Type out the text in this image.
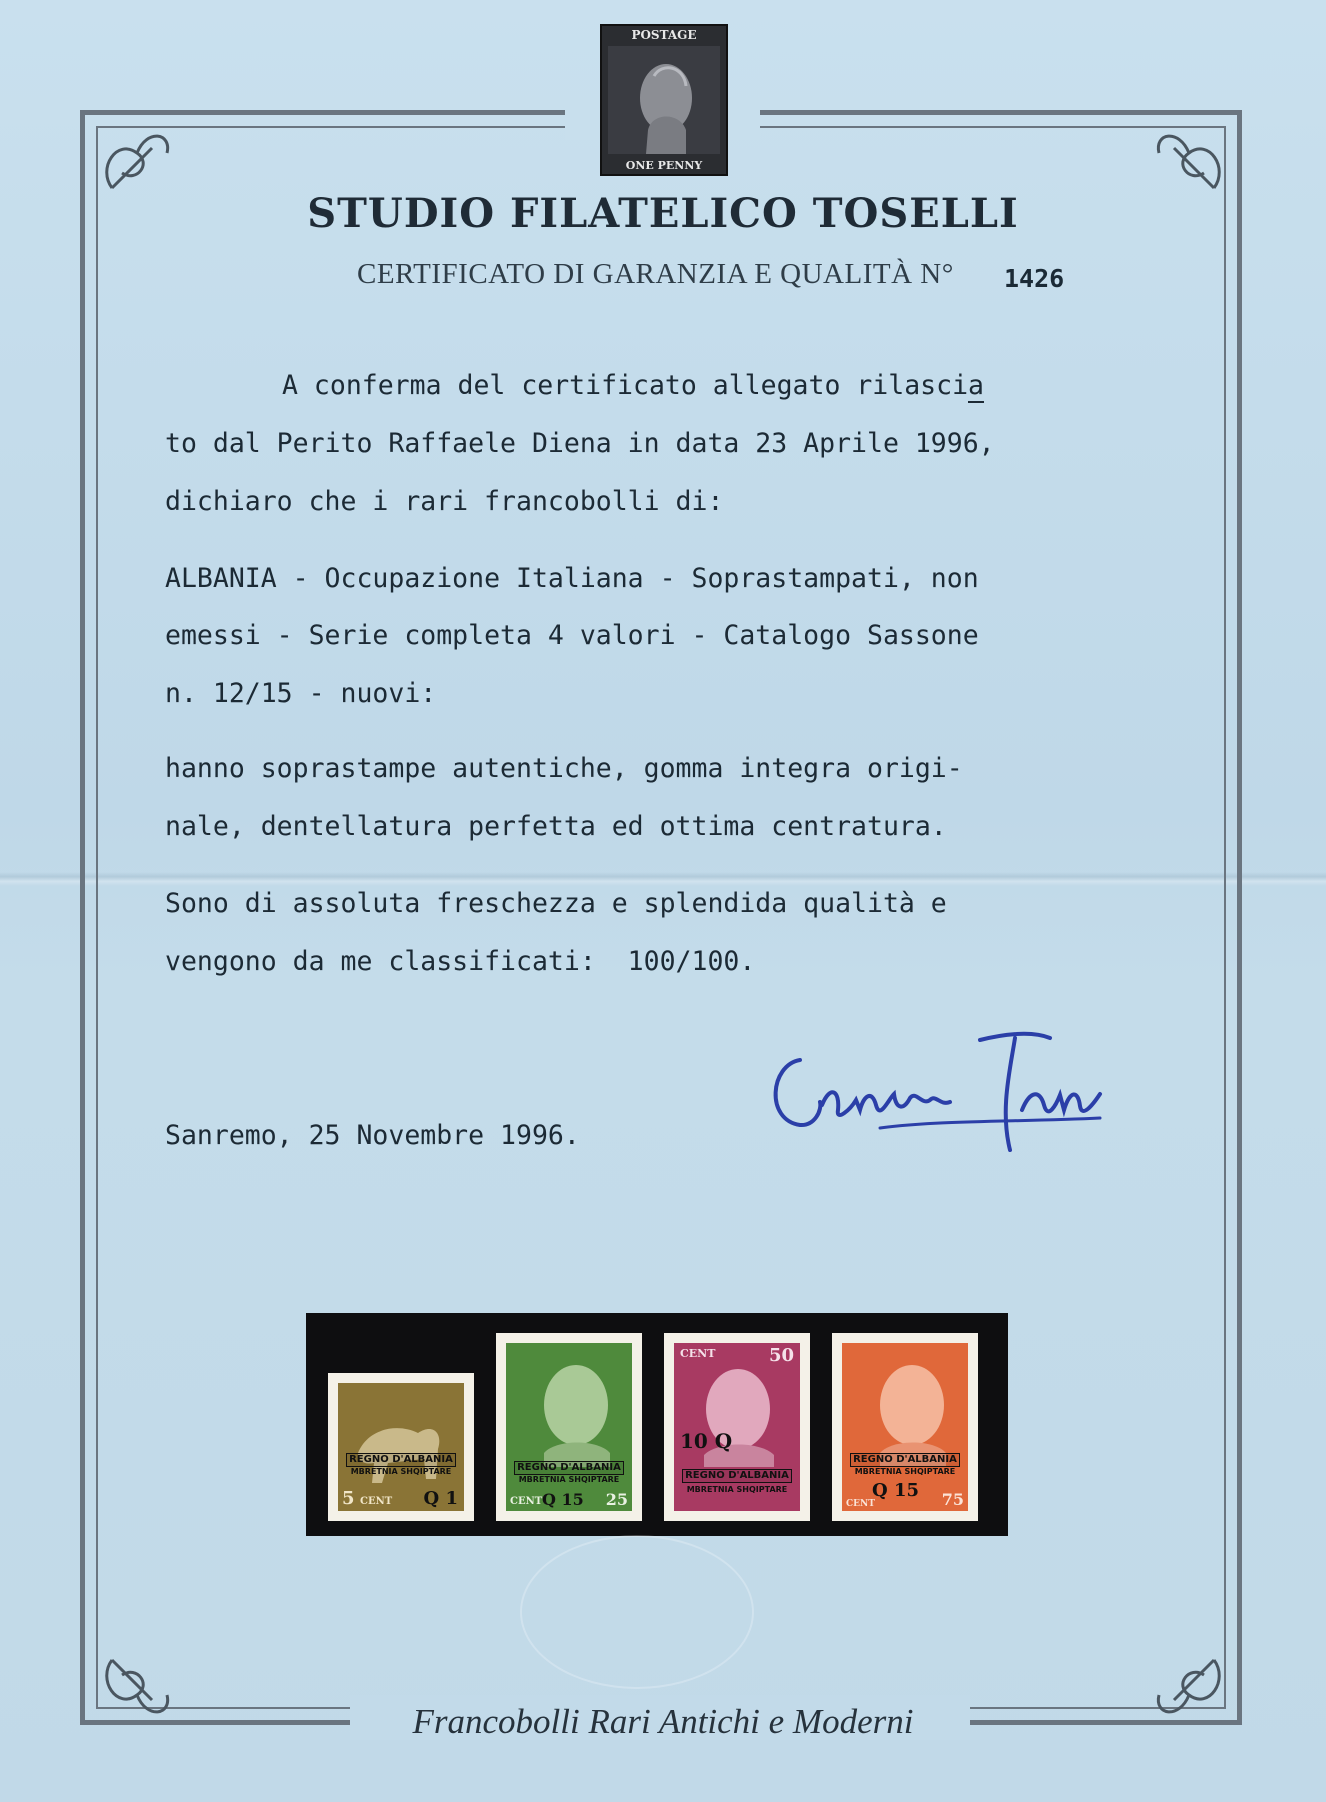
POSTAGE
ONE PENNY
STUDIO FILATELICO TOSELLI
CERTIFICATO DI GARANZIA E QUALITÀ N° 1426
A conferma del certificato allegato rilascia
to dal Perito Raffaele Diena in data 23 Aprile 1996,
dichiaro che i rari francobolli di:
ALBANIA - Occupazione Italiana - Soprastampati, non
emessi - Serie completa 4 valori - Catalogo Sassone
n. 12/15 - nuovi:
hanno soprastampe autentiche, gomma integra origi-
nale, dentellatura perfetta ed ottima centratura.
Sono di assoluta freschezza e splendida qualità e
vengono da me classificati:  100/100.
Sanremo, 25 Novembre 1996.
REGNO D'ALBANIA
MBRETNIA SHQIPTARE
5 CENT Q 1
REGNO D'ALBANIA
MBRETNIA SHQIPTARE
CENT Q 15 25
CENT	50
10 Q
REGNO D'ALBANIA
MBRETNIA SHQIPTARE
REGNO D'ALBANIA
MBRETNIA SHQIPTARE
Q 15
CENT	75
Francobolli Rari Antichi e Moderni
